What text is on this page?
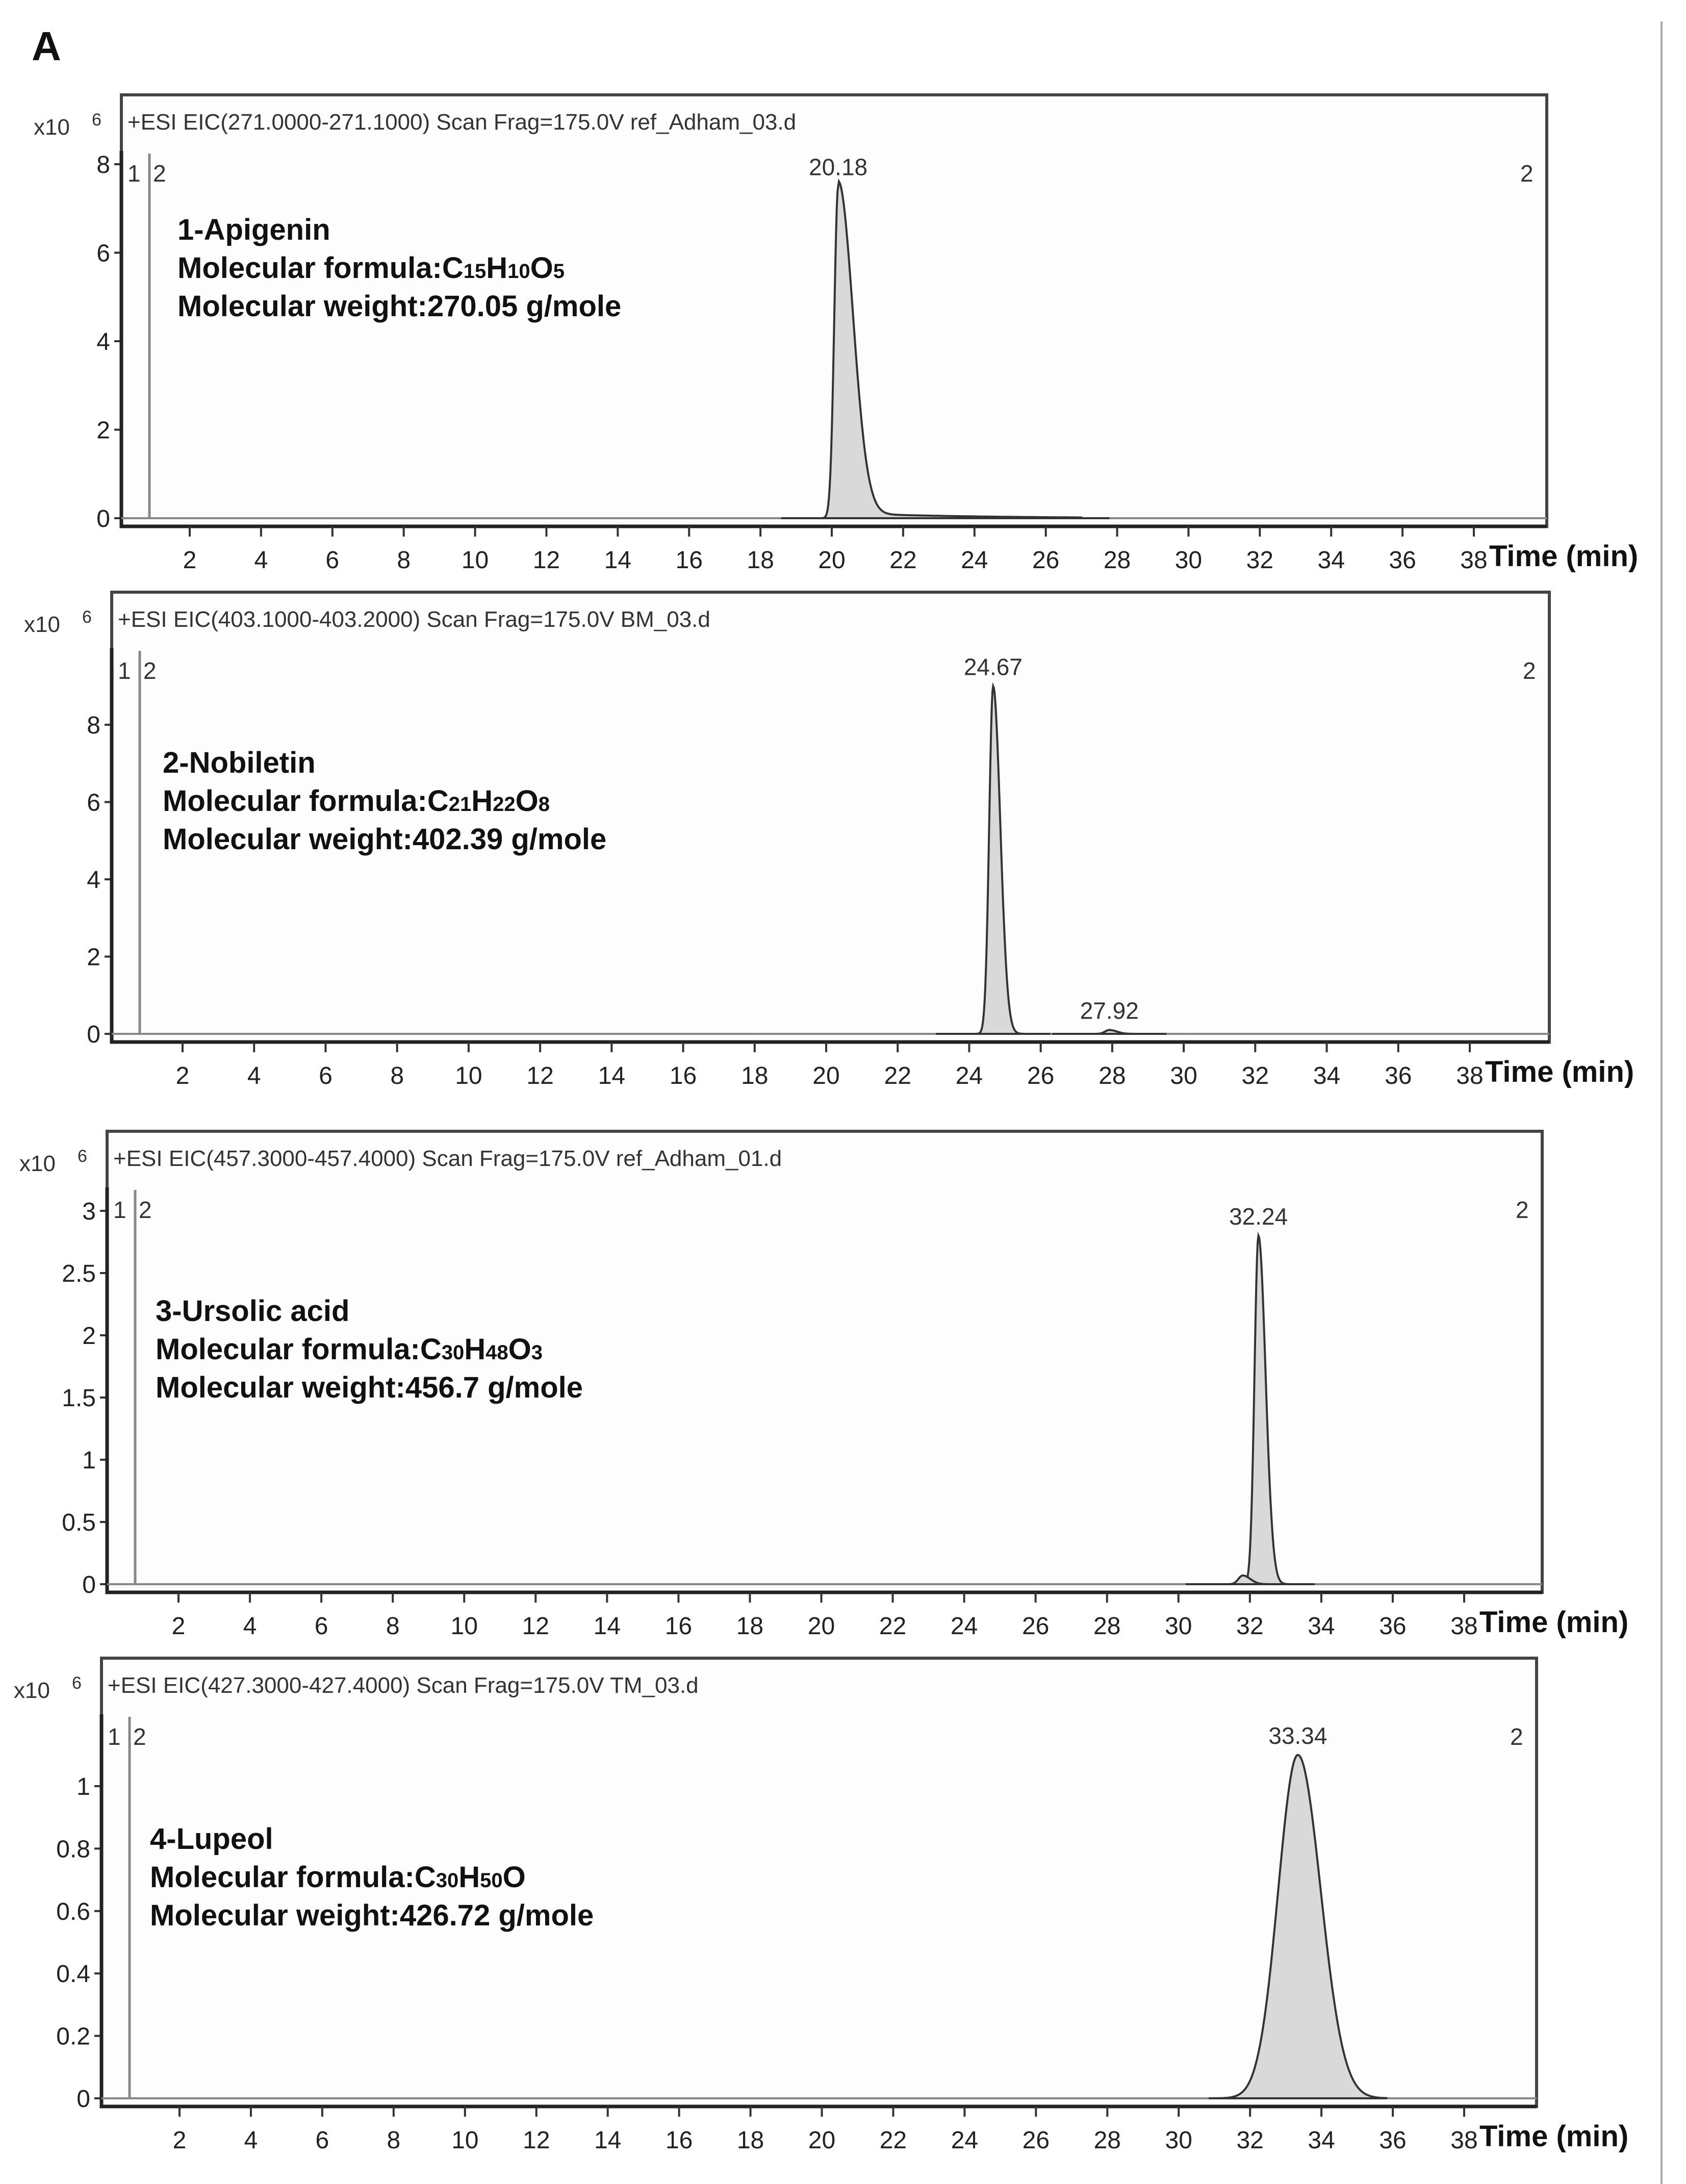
A
+ESI EIC(271.0000-271.1000) Scan Frag=175.0V ref_Adham_03.d
x10 6
1 2	2
0
2
4
6
8
2 4 6 8 10 12 14 16 18 20 22 24 26 28 30 32 34 36 38 Time (min)
20.18
1-Apigenin
Molecular formula:C15H10O5
Molecular weight:270.05 g/mole
+ESI EIC(403.1000-403.2000) Scan Frag=175.0V BM_03.d
x10 6
1 2	2
0
2
4
6
8
2 4 6 8 10 12 14 16 18 20 22 24 26 28 30 32 34 36 38 Time (min)
24.67
27.92
2-Nobiletin
Molecular formula:C21H22O8
Molecular weight:402.39 g/mole
+ESI EIC(457.3000-457.4000) Scan Frag=175.0V ref_Adham_01.d
x10 6
1 2	2
0
0.5
1
1.5
2
2.5
3
2 4 6 8 10 12 14 16 18 20 22 24 26 28 30 32 34 36 38 Time (min)
32.24
3-Ursolic acid
Molecular formula:C30H48O3
Molecular weight:456.7 g/mole
+ESI EIC(427.3000-427.4000) Scan Frag=175.0V TM_03.d
x10 6
1 2	2
0
0.2
0.4
0.6
0.8
1
2 4 6 8 10 12 14 16 18 20 22 24 26 28 30 32 34 36 38 Time (min)
33.34
4-Lupeol
Molecular formula:C30H50O
Molecular weight:426.72 g/mole
